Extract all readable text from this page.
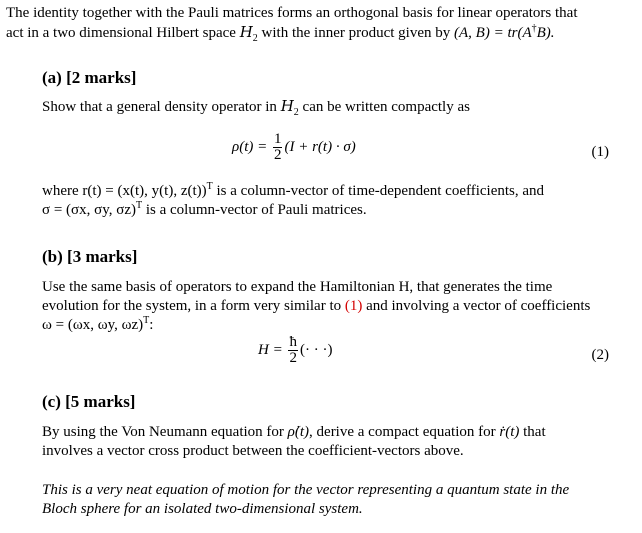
The identity together with the Pauli matrices forms an orthogonal basis for linear operators that
act in a two dimensional Hilbert space $H_2$ with the inner product given by (A, B) = tr(A†B).

(a) [2 marks]

Show that a general density operator in $H_2$ can be written compactly as

$\rho(t) = \frac{1}{2} (I + r(t) \cdot \sigma)$	(1)

where r(t) = (x(t), y(t), z(t))$^T$ is a column-vector of time-dependent coefficients, and
σ = (σx, σy, σz)$^T$ is a column-vector of Pauli matrices.

(b) [3 marks]

Use the same basis of operators to expand the Hamiltonian H, that generates the time
evolution for the system, in a form very similar to (1) and involving a vector of coefficients
ω = (ωx, ωy, ωz)$^T$:

$H = \frac{ħ}{2}$ (· · ·)	(2)
(c) [5 marks]

By using the Von Neumann equation for ρ̇(t), derive a compact equation for ṙ(t) that
involves a vector cross product between the coefficient-vectors above.

This is a very neat equation of motion for the vector representing a quantum state in the
Bloch sphere for an isolated two-dimensional system.
